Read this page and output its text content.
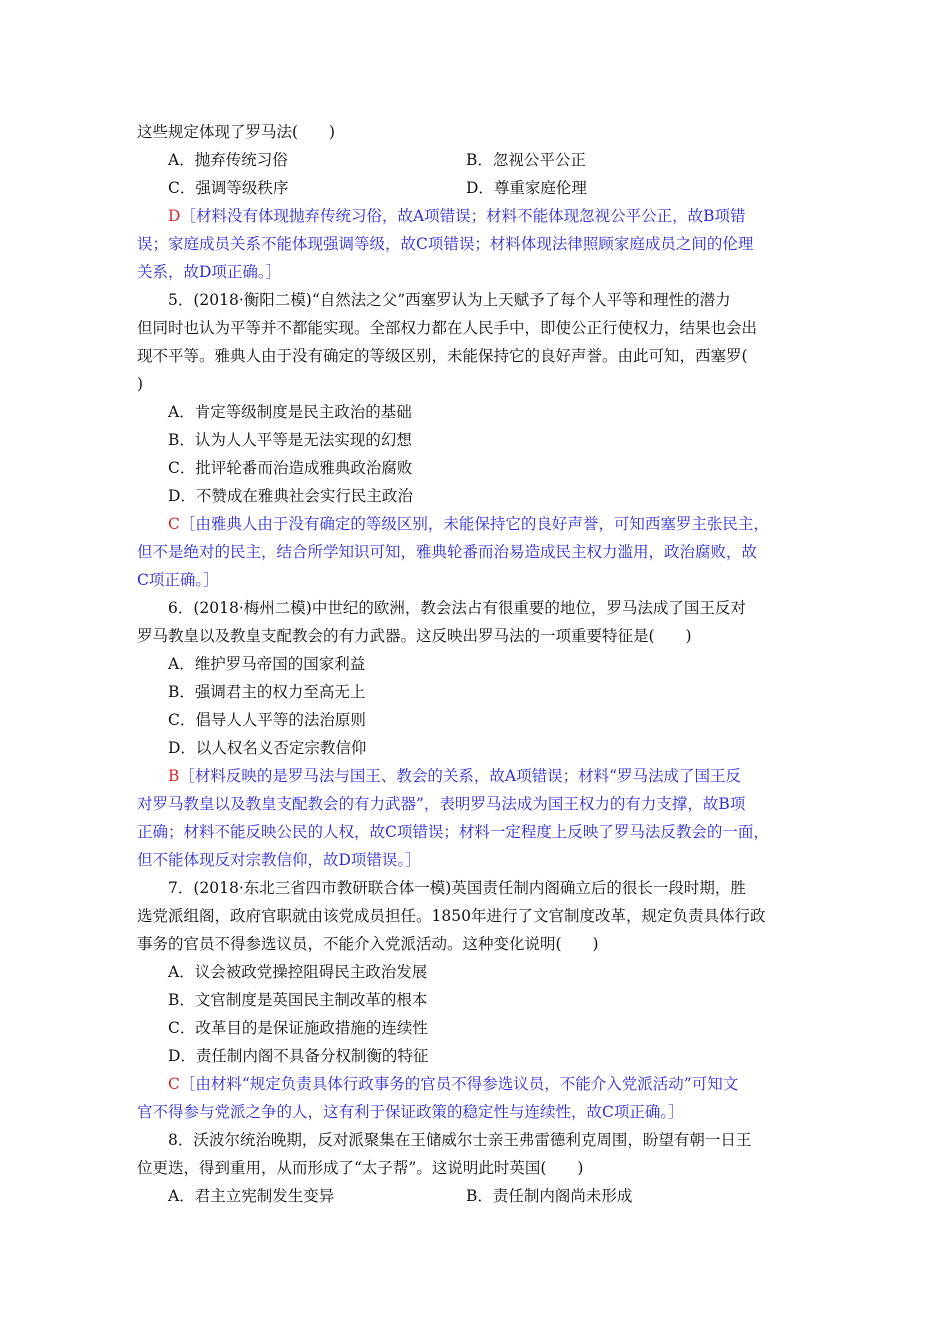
这些规定体现了罗马法(　　)
A．抛弃传统习俗	B．忽视公平公正
C．强调等级秩序	D．尊重家庭伦理
D［材料没有体现抛弃传统习俗，故A项错误；材料不能体现忽视公平公正，故B项错
误；家庭成员关系不能体现强调等级，故C项错误；材料体现法律照顾家庭成员之间的伦理
关系，故D项正确。］
5．(2018·衡阳二模)“自然法之父”西塞罗认为上天赋予了每个人平等和理性的潜力
但同时也认为平等并不都能实现。全部权力都在人民手中，即使公正行使权力，结果也会出
现不平等。雅典人由于没有确定的等级区别，未能保持它的良好声誉。由此可知，西塞罗(
)
A．肯定等级制度是民主政治的基础
B．认为人人平等是无法实现的幻想
C．批评轮番而治造成雅典政治腐败
D．不赞成在雅典社会实行民主政治
C［由雅典人由于没有确定的等级区别，未能保持它的良好声誉，可知西塞罗主张民主，
但不是绝对的民主，结合所学知识可知，雅典轮番而治易造成民主权力滥用，政治腐败，故
C项正确。］
6．(2018·梅州二模)中世纪的欧洲，教会法占有很重要的地位，罗马法成了国王反对
罗马教皇以及教皇支配教会的有力武器。这反映出罗马法的一项重要特征是(　　)
A．维护罗马帝国的国家利益
B．强调君主的权力至高无上
C．倡导人人平等的法治原则
D．以人权名义否定宗教信仰
B［材料反映的是罗马法与国王、教会的关系，故A项错误；材料“罗马法成了国王反
对罗马教皇以及教皇支配教会的有力武器”，表明罗马法成为国王权力的有力支撑，故B项
正确；材料不能反映公民的人权，故C项错误；材料一定程度上反映了罗马法反教会的一面，
但不能体现反对宗教信仰，故D项错误。］
7．(2018·东北三省四市教研联合体一模)英国责任制内阁确立后的很长一段时期，胜
选党派组阁，政府官职就由该党成员担任。1850年进行了文官制度改革，规定负责具体行政
事务的官员不得参选议员，不能介入党派活动。这种变化说明(　　)
A．议会被政党操控阻碍民主政治发展
B．文官制度是英国民主制改革的根本
C．改革目的是保证施政措施的连续性
D．责任制内阁不具备分权制衡的特征
C［由材料“规定负责具体行政事务的官员不得参选议员，不能介入党派活动”可知文
官不得参与党派之争的人，这有利于保证政策的稳定性与连续性，故C项正确。］
8．沃波尔统治晚期，反对派聚集在王储威尔士亲王弗雷德利克周围，盼望有朝一日王
位更迭，得到重用，从而形成了“太子帮”。这说明此时英国(　　)
A．君主立宪制发生变异	B．责任制内阁尚未形成
